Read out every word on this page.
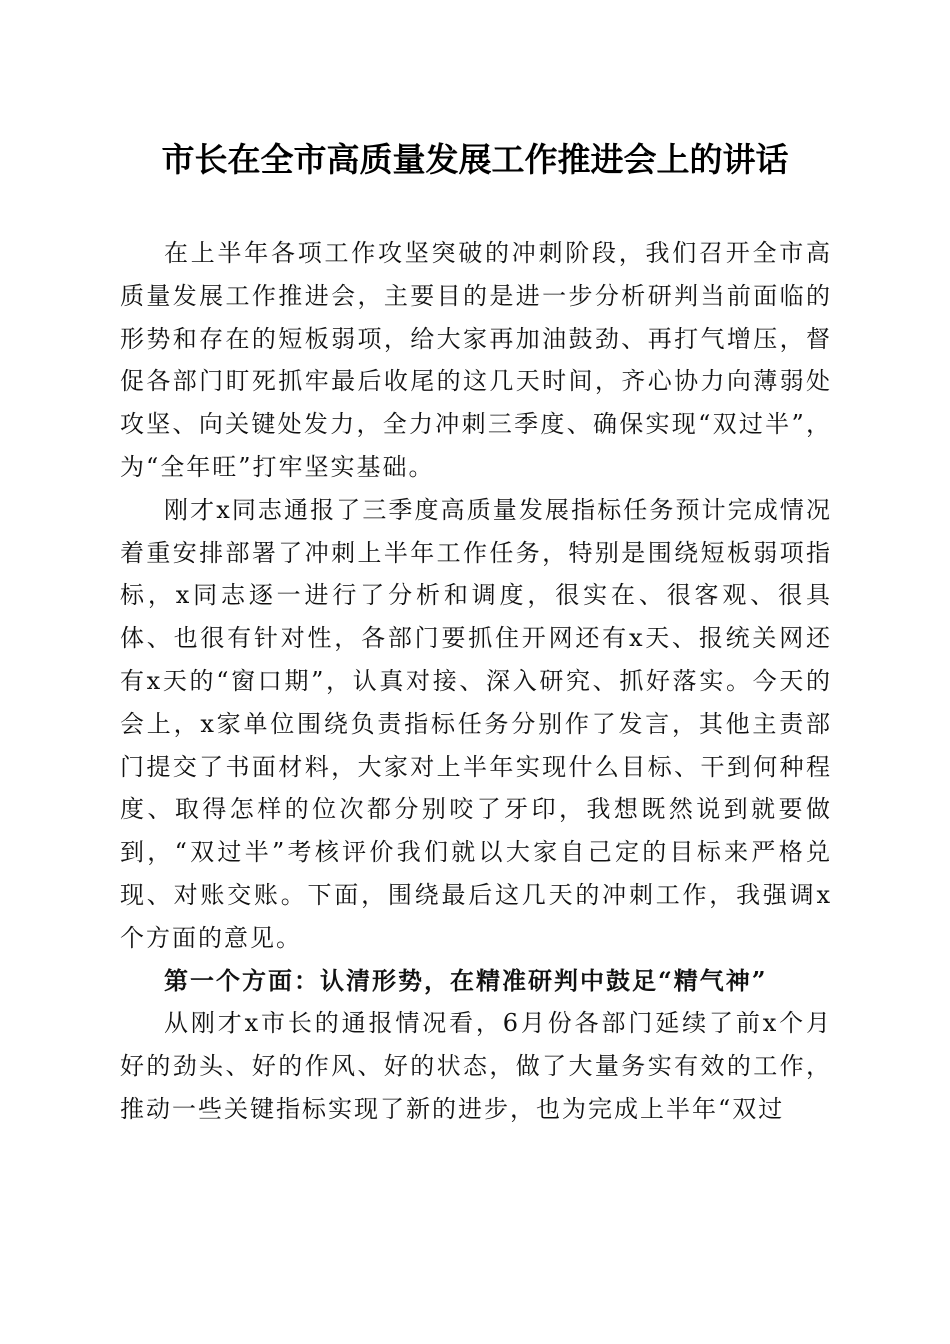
市长在全市高质量发展工作推进会上的讲话

在上半年各项工作攻坚突破的冲刺阶段，我们召开全市高质量发展工作推进会，主要目的是进一步分析研判当前面临的形势和存在的短板弱项，给大家再加油鼓劲、再打气增压，督促各部门盯死抓牢最后收尾的这几天时间，齐心协力向薄弱处攻坚、向关键处发力，全力冲刺三季度、确保实现“双过半”，为“全年旺”打牢坚实基础。

刚才x同志通报了三季度高质量发展指标任务预计完成情况着重安排部署了冲刺上半年工作任务，特别是围绕短板弱项指标，x同志逐一进行了分析和调度，很实在、很客观、很具体、也很有针对性，各部门要抓住开网还有x天、报统关网还有x天的“窗口期”，认真对接、深入研究、抓好落实。今天的会上，x家单位围绕负责指标任务分别作了发言，其他主责部门提交了书面材料，大家对上半年实现什么目标、干到何种程度、取得怎样的位次都分别咬了牙印，我想既然说到就要做到，“双过半”考核评价我们就以大家自己定的目标来严格兑现、对账交账。下面，围绕最后这几天的冲刺工作，我强调x个方面的意见。

第一个方面：认清形势，在精准研判中鼓足“精气神”

从刚才x市长的通报情况看，6月份各部门延续了前x个月好的劲头、好的作风、好的状态，做了大量务实有效的工作，推动一些关键指标实现了新的进步，也为完成上半年“双过
